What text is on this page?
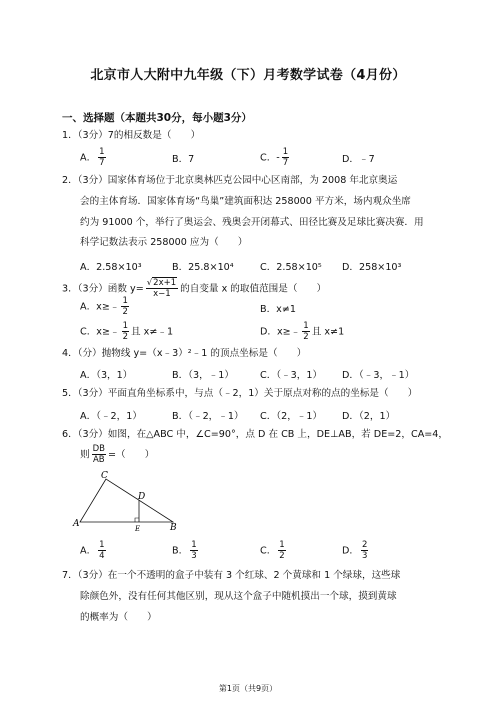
北京市人大附中九年级（下）月考数学试卷（4月份）
一、选择题（本题共30分，每小题3分）
1．（3分）7的相反数是（　　）
A． $\frac{1}{7}$	B．7	C．- $\frac{1}{7}$	D．﹣7
2．（3分）国家体育场位于北京奥林匹克公园中心区南部，为 2008 年北京奥运
会的主体育场．国家体育场“鸟巢”建筑面积达 258000 平方米，场内观众坐席
约为 91000 个，举行了奥运会、残奥会开闭幕式、田径比赛及足球比赛决赛．用
科学记数法表示 258000 应为（　　）
A．2.58×10³	B．25.8×10⁴	C．2.58×10⁵ D．258×10³
3．（3分）函数 $y= \frac{√2x+1}{x-1}$ 的自变量 x 的取值范围是（　　）
A．x≥﹣ $\frac{1}{2}$	B．x≠1
C．x≥﹣ $\frac{1}{2}$ 且 x≠﹣1	D．x≥﹣ $\frac{1}{2}$ 且 x≠1
4．（分）抛物线 y=（x﹣3）²﹣1 的顶点坐标是（　　）
A．（3，1）	B．（3，﹣1）	C．（﹣3，1） D．（﹣3，﹣1）
5．（3分）平面直角坐标系中，与点（﹣2，1）关于原点对称的点的坐标是（　　）
A．（﹣2，1）	B．（﹣2，﹣1） C．（2，﹣1） D．（2，1）
6．（3分）如图，在△ABC 中，∠C=90°，点 D 在 CB 上，DE⊥AB，若 DE=2，CA=4，
则 $\frac{DB}{AB}$ =（　　）
C
D
A	E	B
A． $\frac{1}{4}$	B． $\frac{1}{3}$	C． $\frac{1}{2}$	D． $\frac{2}{3}$
7．（3分）在一个不透明的盒子中装有 3 个红球、2 个黄球和 1 个绿球，这些球
除颜色外，没有任何其他区别，现从这个盒子中随机摸出一个球，摸到黄球
的概率为（　　）
第1页（共9页）
